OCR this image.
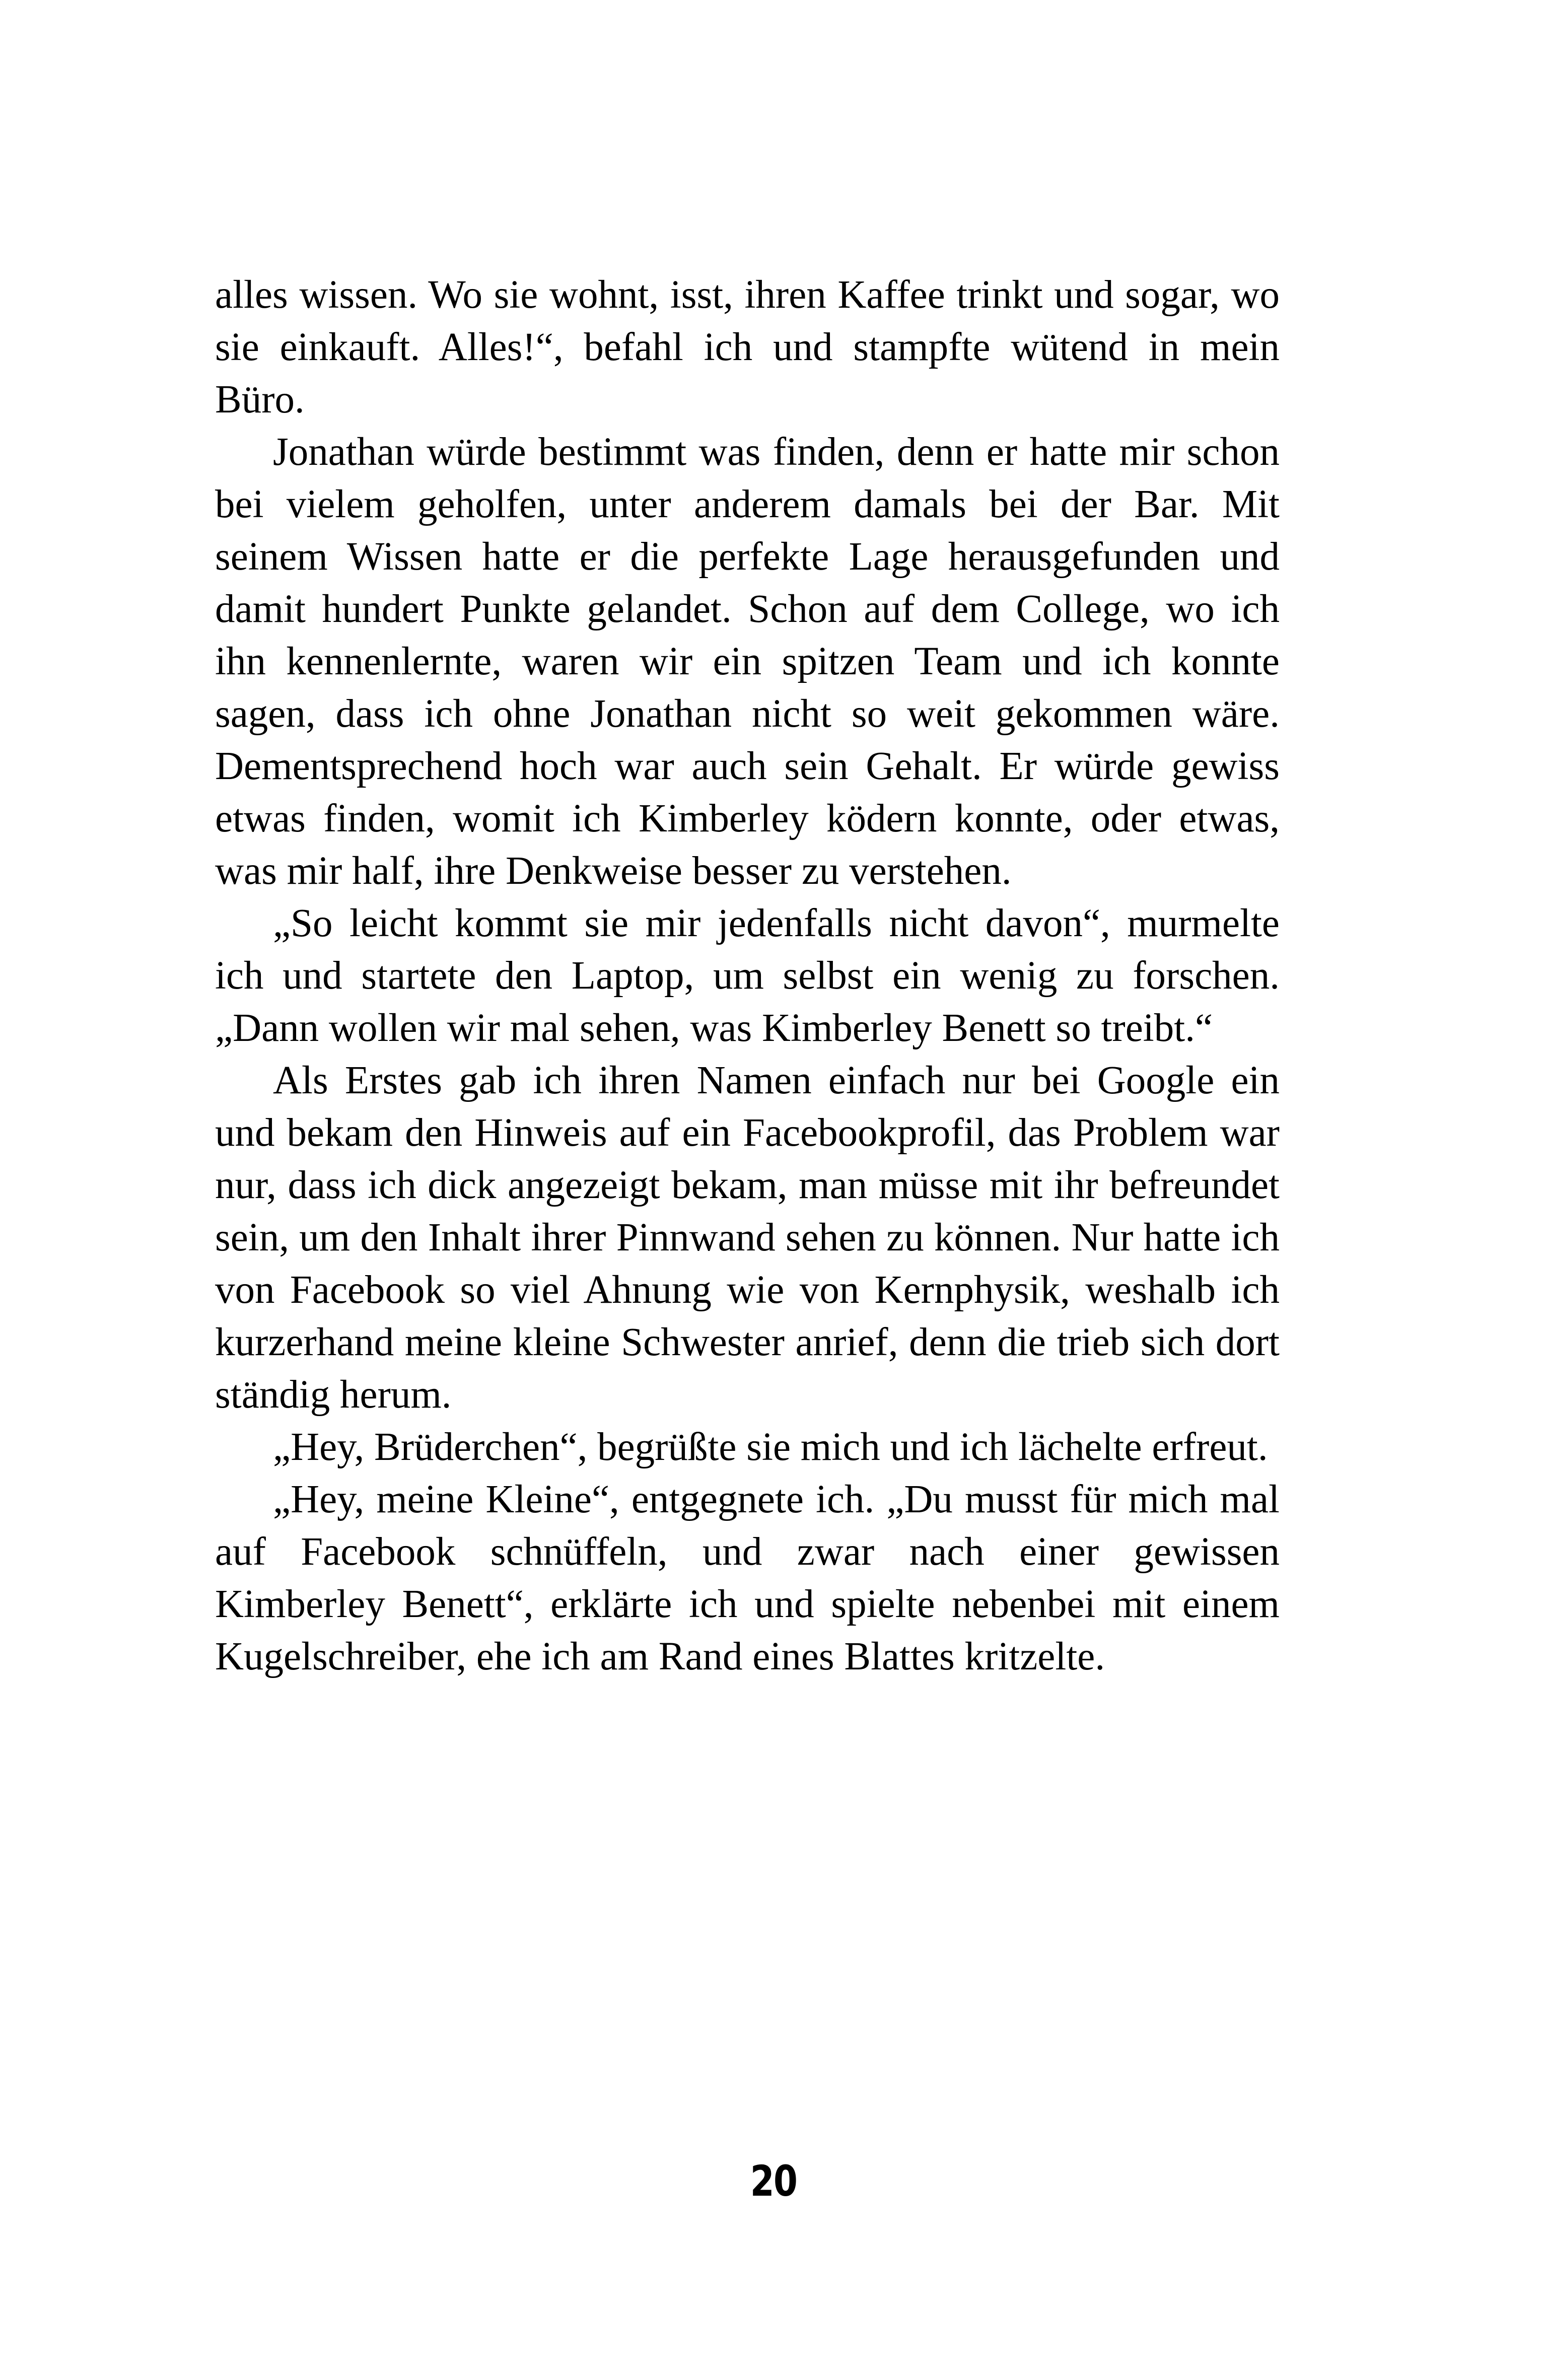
alles wissen. Wo sie wohnt, isst, ihren Kaffee trinkt und sogar, wo sie einkauft. Alles!“, befahl ich und stampfte wütend in mein Büro.

Jonathan würde bestimmt was finden, denn er hatte mir schon bei vielem geholfen, unter anderem damals bei der Bar. Mit seinem Wissen hatte er die perfekte Lage herausgefunden und damit hundert Punkte gelandet. Schon auf dem College, wo ich ihn kennenlernte, waren wir ein spitzen Team und ich konnte sagen, dass ich ohne Jonathan nicht so weit gekommen wäre. Dementsprechend hoch war auch sein Gehalt. Er würde gewiss etwas finden, womit ich Kimberley ködern konnte, oder etwas, was mir half, ihre Denkweise besser zu verstehen.

„So leicht kommt sie mir jedenfalls nicht davon“, murmelte ich und startete den Laptop, um selbst ein wenig zu forschen. „Dann wollen wir mal sehen, was Kimberley Benett so treibt.“

Als Erstes gab ich ihren Namen einfach nur bei Google ein und bekam den Hinweis auf ein Facebookprofil, das Problem war nur, dass ich dick angezeigt bekam, man müsse mit ihr befreundet sein, um den Inhalt ihrer Pinnwand sehen zu können. Nur hatte ich von Facebook so viel Ahnung wie von Kernphysik, weshalb ich kurzerhand meine kleine Schwester anrief, denn die trieb sich dort ständig herum.

„Hey, Brüderchen“, begrüßte sie mich und ich lächelte erfreut.

„Hey, meine Kleine“, entgegnete ich. „Du musst für mich mal auf Facebook schnüffeln, und zwar nach einer gewissen Kimberley Benett“, erklärte ich und spielte nebenbei mit einem Kugelschreiber, ehe ich am Rand eines Blattes kritzelte.

20
